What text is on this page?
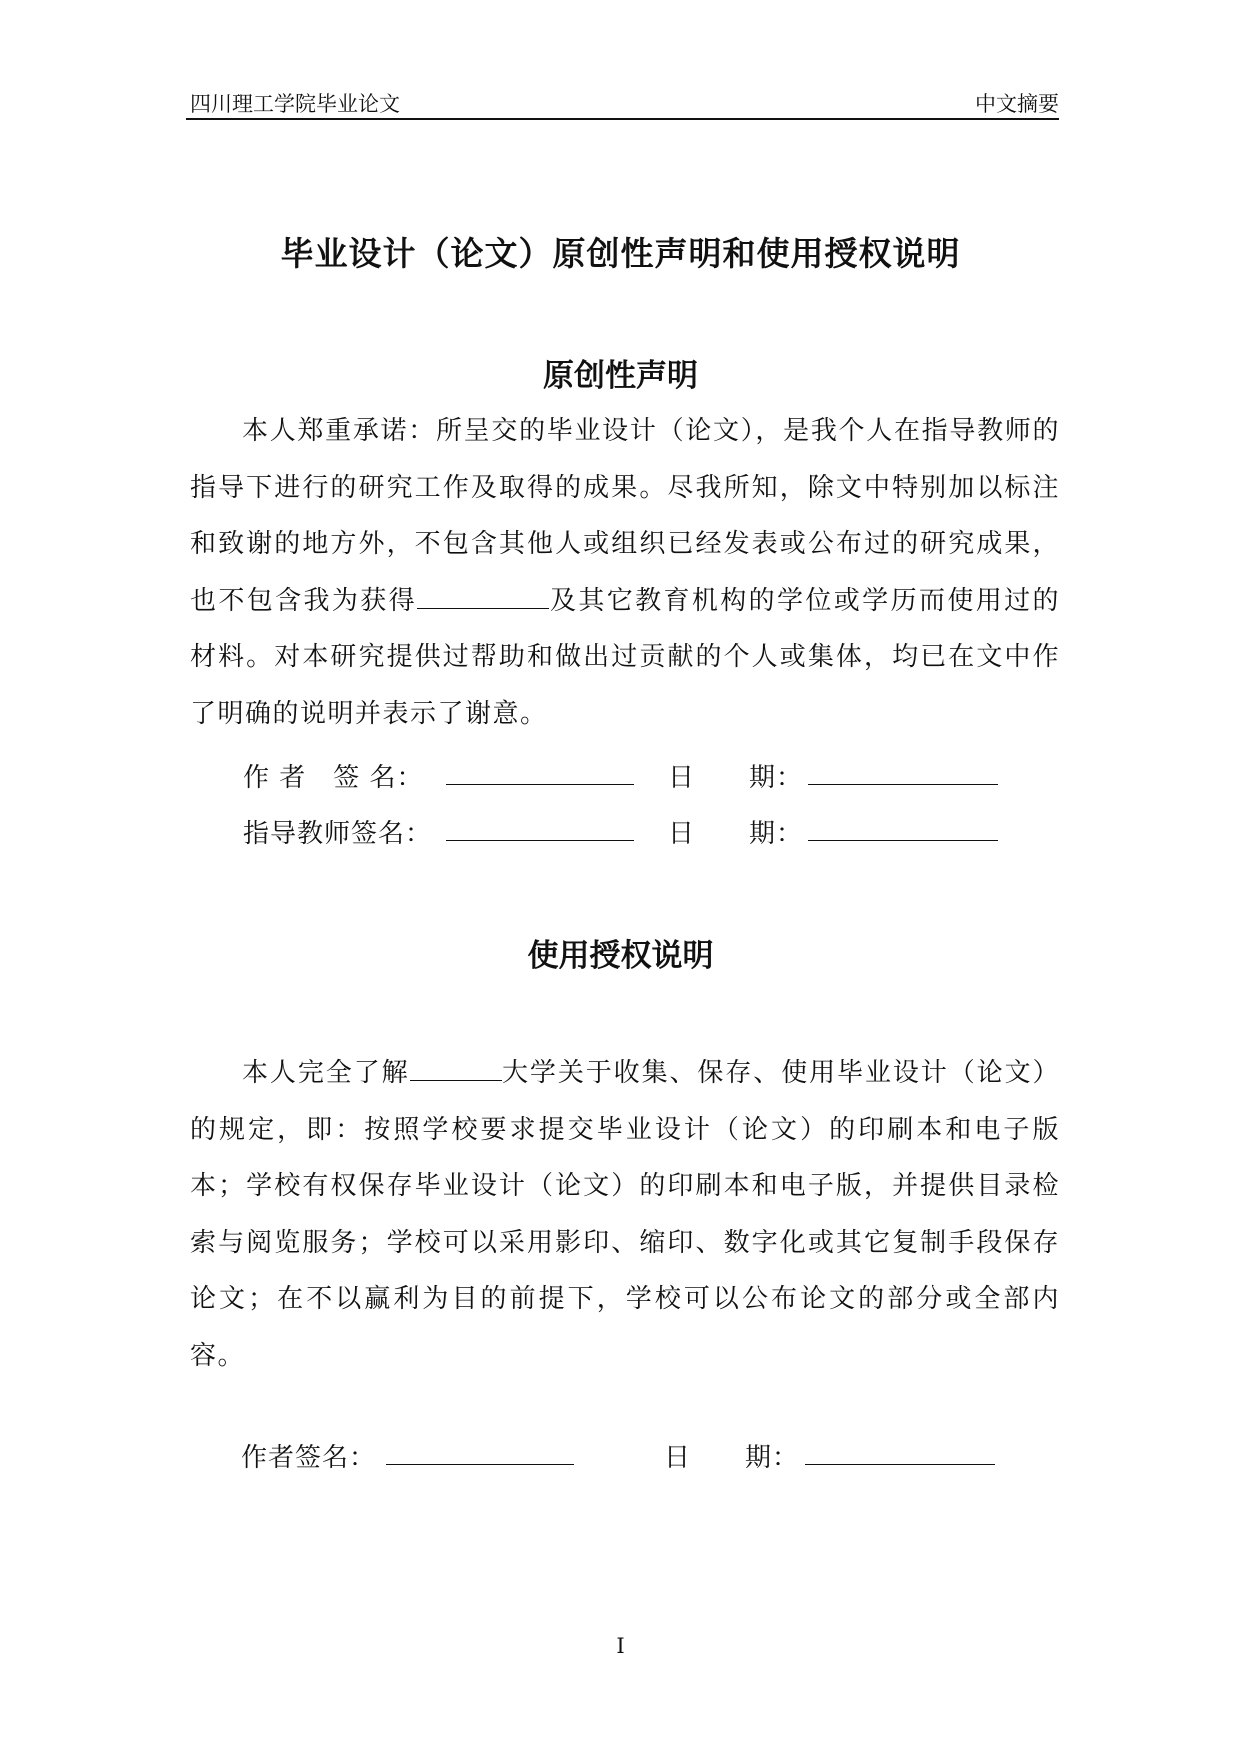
四川理工学院毕业论文	中文摘要
毕业设计（论文）原创性声明和使用授权说明
原创性声明

本人郑重承诺：所呈交的毕业设计（论文），是我个人在指导教师的指导下进行的研究工作及取得的成果。尽我所知，除文中特别加以标注和致谢的地方外，不包含其他人或组织已经发表或公布过的研究成果，也不包含我为获得	及其它教育机构的学位或学历而使用过的材料。对本研究提供过帮助和做出过贡献的个人或集体，均已在文中作了明确的说明并表示了谢意。

作 者　签 名：	日　　期：
指导教师签名：	日　　期：
使用授权说明

本人完全了解	大学关于收集、保存、使用毕业设计（论文）的规定，即：按照学校要求提交毕业设计（论文）的印刷本和电子版本；学校有权保存毕业设计（论文）的印刷本和电子版，并提供目录检索与阅览服务；学校可以采用影印、缩印、数字化或其它复制手段保存论文；在不以赢利为目的前提下，学校可以公布论文的部分或全部内容。

作者签名：	日　　期：
I
